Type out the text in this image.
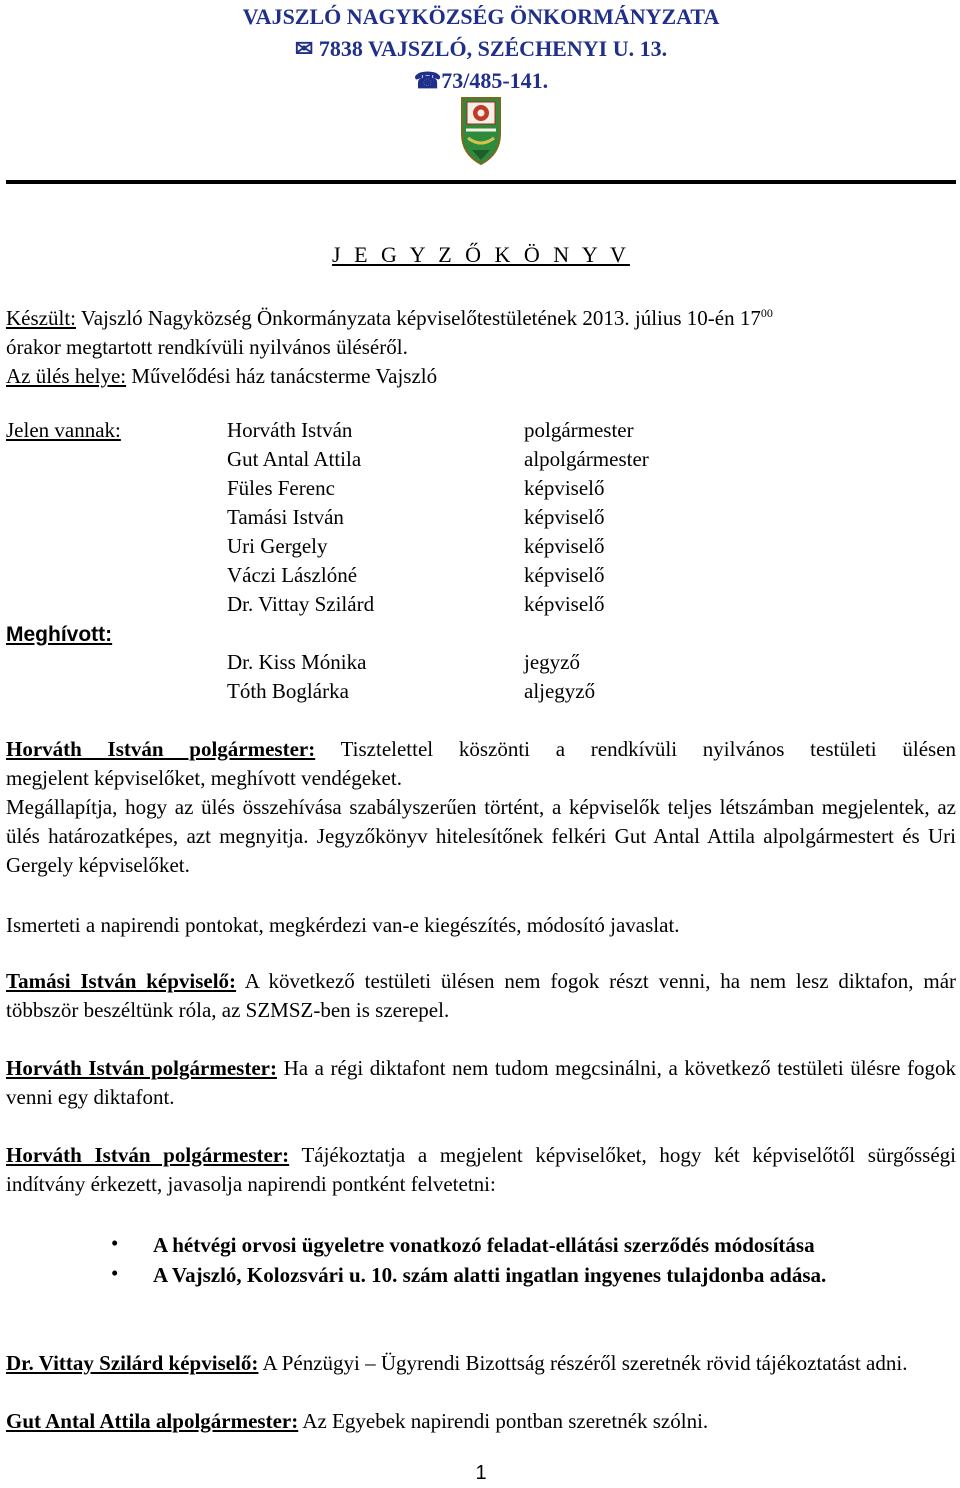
VAJSZLÓ NAGYKÖZSÉG ÖNKORMÁNYZATA
✉ 7838 VAJSZLÓ, SZÉCHENYI U. 13.
☎73/485-141.
J E G Y Z Ő K Ö N Y V
Készült: Vajszló Nagyközség Önkormányzata képviselőtestületének 2013. július 10-én $17^{00}$
órakor megtartott rendkívüli nyilvános üléséről.
Az ülés helye: Művelődési ház tanácsterme Vajszló
Jelen vannak:	Horváth István
Gut Antal Attila
Füles Ferenc
Tamási István
Uri Gergely
Váczi Lászlóné
Dr. Vittay Szilárd
polgármester
alpolgármester
képviselő
képviselő
képviselő
képviselő
képviselő
Meghívott:
Dr. Kiss Mónika
Tóth Boglárka
jegyző
aljegyző
Horváth István polgármester: Tisztelettel köszönti a rendkívüli nyilvános testületi ülésen
megjelent képviselőket, meghívott vendégeket.
Megállapítja, hogy az ülés összehívása szabályszerűen történt, a képviselők teljes létszámban megjelentek, az ülés határozatképes, azt megnyitja. Jegyzőkönyv hitelesítőnek felkéri Gut Antal Attila alpolgármestert és Uri Gergely képviselőket.
Ismerteti a napirendi pontokat, megkérdezi van-e kiegészítés, módosító javaslat.
Tamási István képviselő: A következő testületi ülésen nem fogok részt venni, ha nem lesz diktafon, már többször beszéltünk róla, az SZMSZ-ben is szerepel.
Horváth István polgármester: Ha a régi diktafont nem tudom megcsinálni, a következő testületi ülésre fogok venni egy diktafont.
Horváth István polgármester: Tájékoztatja a megjelent képviselőket, hogy két képviselőtől sürgősségi indítvány érkezett, javasolja napirendi pontként felvetetni:
• A hétvégi orvosi ügyeletre vonatkozó feladat-ellátási szerződés módosítása
• A Vajszló, Kolozsvári u. 10. szám alatti ingatlan ingyenes tulajdonba adása.
Dr. Vittay Szilárd képviselő: A Pénzügyi – Ügyrendi Bizottság részéről szeretnék rövid tájékoztatást adni.
Gut Antal Attila alpolgármester: Az Egyebek napirendi pontban szeretnék szólni.
1
